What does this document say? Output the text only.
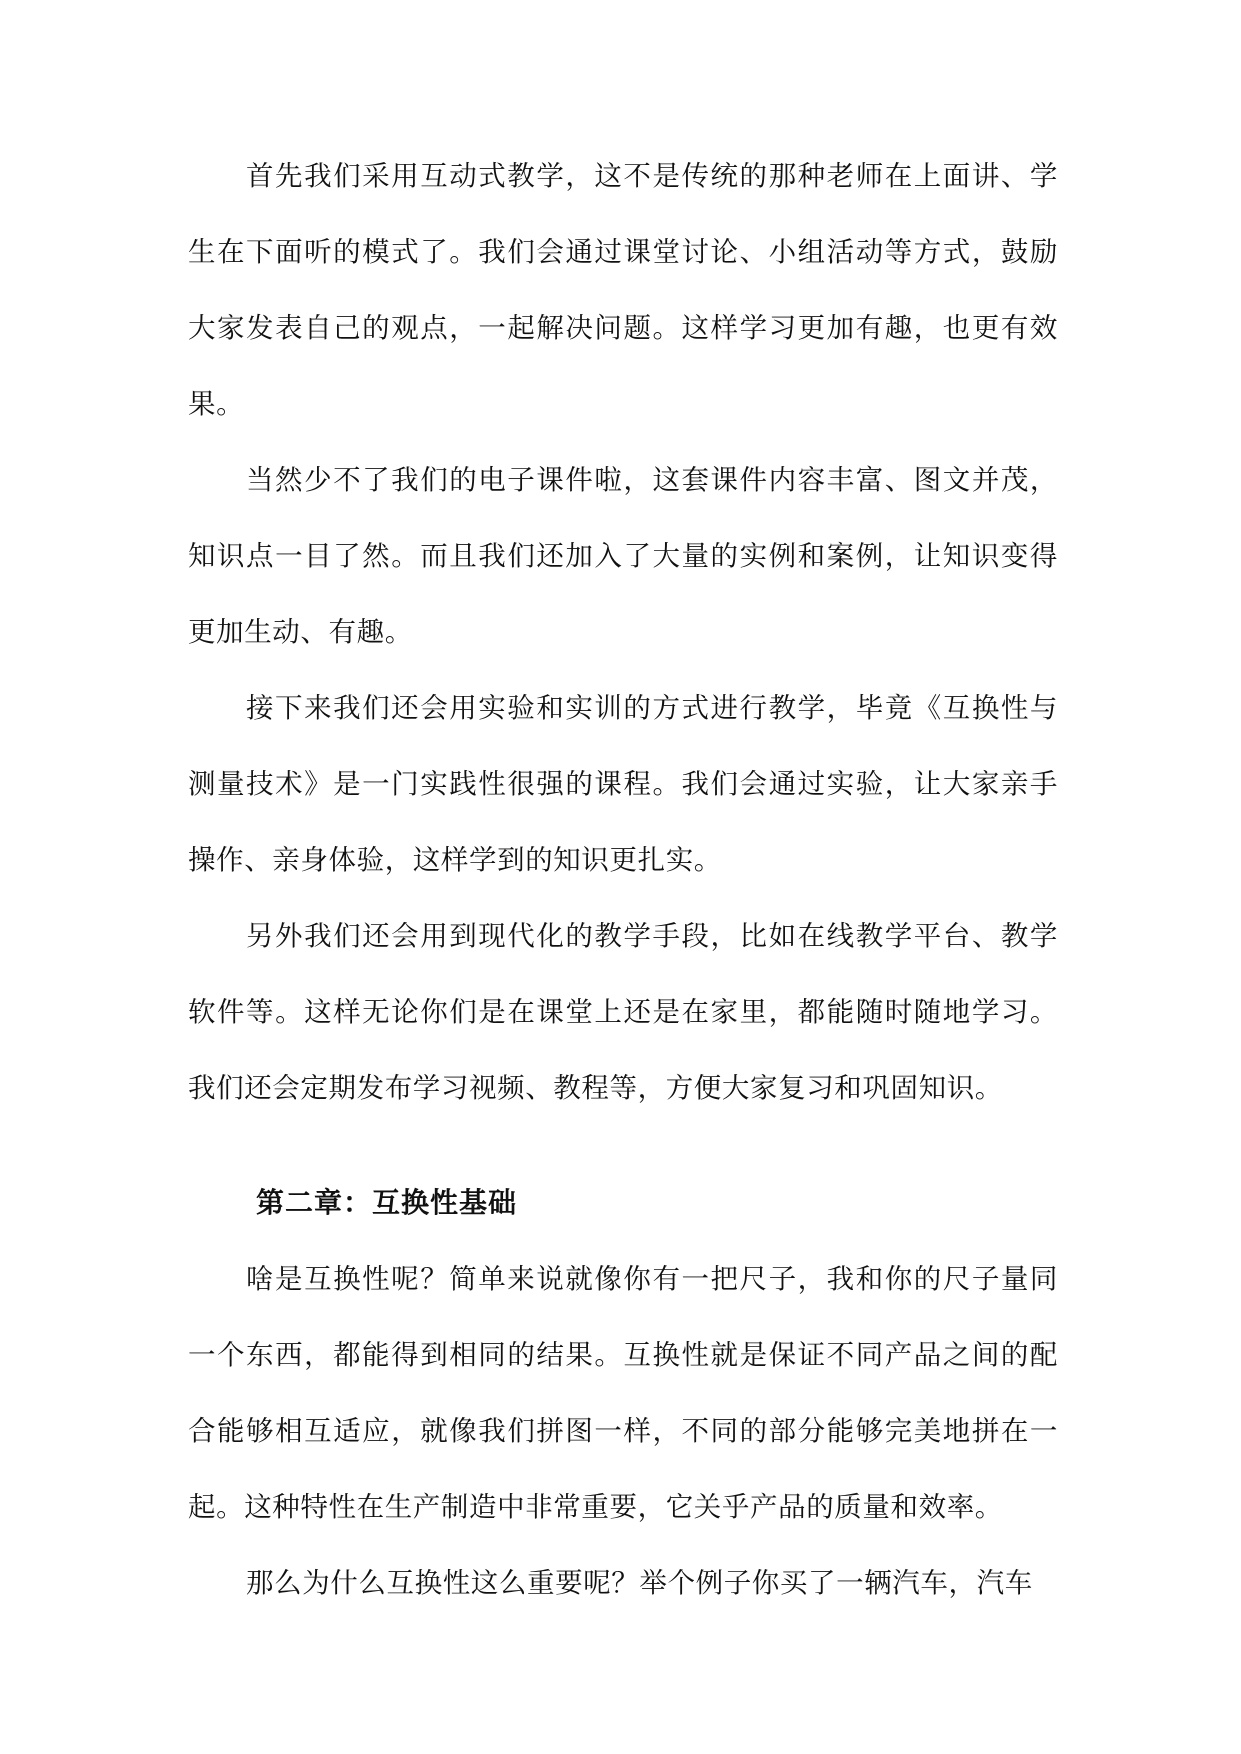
首先我们采用互动式教学，这不是传统的那种老师在上面讲、学生在下面听的模式了。我们会通过课堂讨论、小组活动等方式，鼓励大家发表自己的观点，一起解决问题。这样学习更加有趣，也更有效果。

当然少不了我们的电子课件啦，这套课件内容丰富、图文并茂，知识点一目了然。而且我们还加入了大量的实例和案例，让知识变得更加生动、有趣。

接下来我们还会用实验和实训的方式进行教学，毕竟《互换性与测量技术》是一门实践性很强的课程。我们会通过实验，让大家亲手操作、亲身体验，这样学到的知识更扎实。

另外我们还会用到现代化的教学手段，比如在线教学平台、教学软件等。这样无论你们是在课堂上还是在家里，都能随时随地学习。我们还会定期发布学习视频、教程等，方便大家复习和巩固知识。

第二章：互换性基础

啥是互换性呢？简单来说就像你有一把尺子，我和你的尺子量同一个东西，都能得到相同的结果。互换性就是保证不同产品之间的配合能够相互适应，就像我们拼图一样，不同的部分能够完美地拼在一起。这种特性在生产制造中非常重要，它关乎产品的质量和效率。

那么为什么互换性这么重要呢？举个例子你买了一辆汽车，汽车
